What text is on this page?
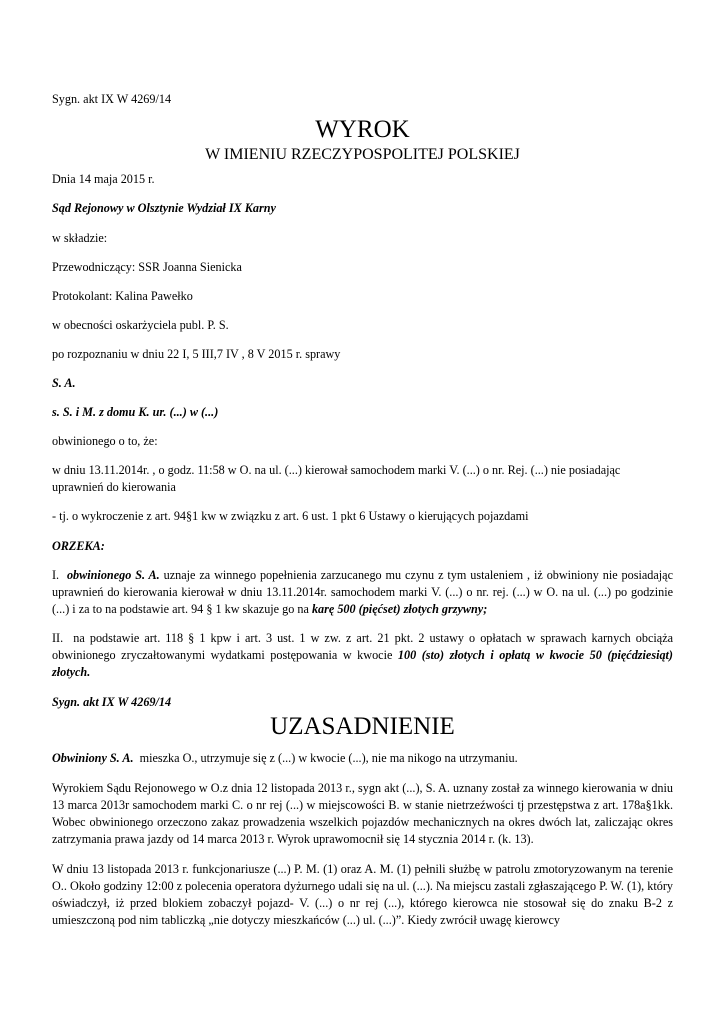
Sygn. akt IX W 4269/14

WYROK

W IMIENIU RZECZYPOSPOLITEJ POLSKIEJ

Dnia 14 maja 2015 r.

Sąd Rejonowy w Olsztynie Wydział IX Karny

w składzie:

Przewodniczący: SSR Joanna Sienicka

Protokolant: Kalina Pawełko

w obecności oskarżyciela publ. P. S.

po rozpoznaniu w dniu 22 I, 5 III,7 IV , 8 V 2015 r. sprawy

S. A.

s. S. i M. z domu K. ur. (...) w (...)

obwinionego o to, że:

w dniu 13.11.2014r. , o godz. 11:58 w O. na ul. (...) kierował samochodem marki V. (...) o nr. Rej. (...) nie posiadając uprawnień do kierowania

- tj. o wykroczenie z art. 94§1 kw w związku z art. 6 ust. 1 pkt 6 Ustawy o kierujących pojazdami

ORZEKA:

I. obwinionego S. A. uznaje za winnego popełnienia zarzucanego mu czynu z tym ustaleniem , iż obwiniony nie posiadając uprawnień do kierowania kierował w dniu 13.11.2014r. samochodem marki V. (...) o nr. rej. (...) w O. na ul. (...) po godzinie (...) i za to na podstawie art. 94 § 1 kw skazuje go na karę 500 (pięćset) złotych grzywny;

II. na podstawie art. 118 § 1 kpw i art. 3 ust. 1 w zw. z art. 21 pkt. 2 ustawy o opłatach w sprawach karnych obciąża obwinionego zryczałtowanymi wydatkami postępowania w kwocie 100 (sto) złotych i opłatą w kwocie 50 (pięćdziesiąt) złotych.

Sygn. akt IX W 4269/14

UZASADNIENIE

Obwiniony S. A. mieszka O., utrzymuje się z (...) w kwocie (...), nie ma nikogo na utrzymaniu.

Wyrokiem Sądu Rejonowego w O.z dnia 12 listopada 2013 r., sygn akt (...), S. A. uznany został za winnego kierowania w dniu 13 marca 2013r samochodem marki C. o nr rej (...) w miejscowości B. w stanie nietrzeźwości tj przestępstwa z art. 178a§1kk. Wobec obwinionego orzeczono zakaz prowadzenia wszelkich pojazdów mechanicznych na okres dwóch lat, zaliczając okres zatrzymania prawa jazdy od 14 marca 2013 r. Wyrok uprawomocnił się 14 stycznia 2014 r. (k. 13).

W dniu 13 listopada 2013 r. funkcjonariusze (...) P. M. (1) oraz A. M. (1) pełnili służbę w patrolu zmotoryzowanym na terenie O.. Około godziny 12:00 z polecenia operatora dyżurnego udali się na ul. (...). Na miejscu zastali zgłaszającego P. W. (1), który oświadczył, iż przed blokiem zobaczył pojazd- V. (...) o nr rej (...), którego kierowca nie stosował się do znaku B-2 z umieszczoną pod nim tabliczką „nie dotyczy mieszkańców (...) ul. (...)”. Kiedy zwrócił uwagę kierowcy
